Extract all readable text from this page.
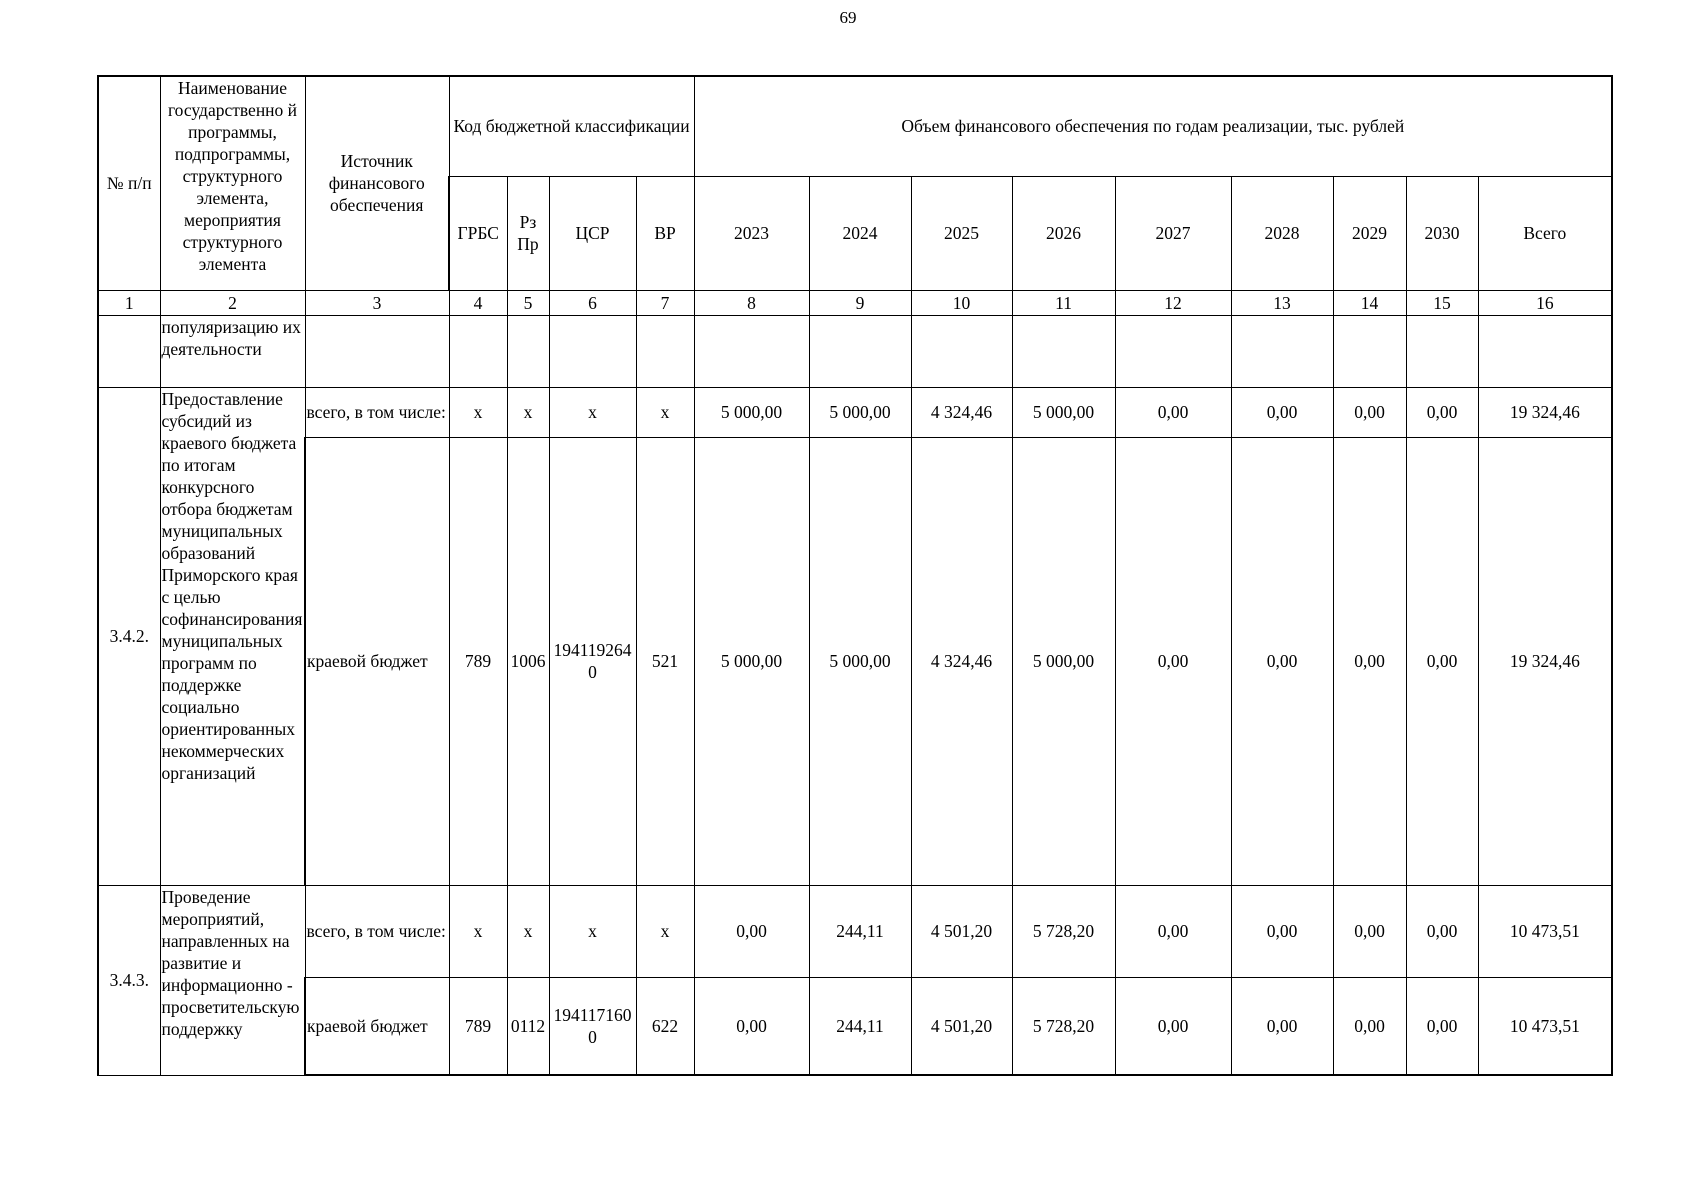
69
№ п/п	Наименование государственно й программы, подпрограммы, структурного элемента, мероприятия структурного элемента	Источник финансового обеспечения	Код бюджетной классификации				Объем финансового обеспечения по годам реализации, тыс. рублей								
			ГРБС	Рз Пр	ЦСР	ВР	2023	2024	2025	2026	2027	2028	2029	2030	Всего
1	2	3	4	5	6	7	8	9	10	11	12	13	14	15	16
	популяризацию их деятельности														
3.4.2.	Предоставление субсидий из краевого бюджета по итогам конкурсного отбора бюджетам муниципальных образований Приморского края с целью софинансирования муниципальных программ по поддержке социально ориентированных некоммерческих организаций	всего, в том числе:	x	x	x	x	5 000,00	5 000,00	4 324,46	5 000,00	0,00	0,00	0,00	0,00	19 324,46
		краевой бюджет	789	1006	1941192640	521	5 000,00	5 000,00	4 324,46	5 000,00	0,00	0,00	0,00	0,00	19 324,46
3.4.3.	Проведение мероприятий, направленных на развитие и информационно - просветительскую поддержку	всего, в том числе:	x	x	x	x	0,00	244,11	4 501,20	5 728,20	0,00	0,00	0,00	0,00	10 473,51
		краевой бюджет	789	0112	1941171600	622	0,00	244,11	4 501,20	5 728,20	0,00	0,00	0,00	0,00	10 473,51
